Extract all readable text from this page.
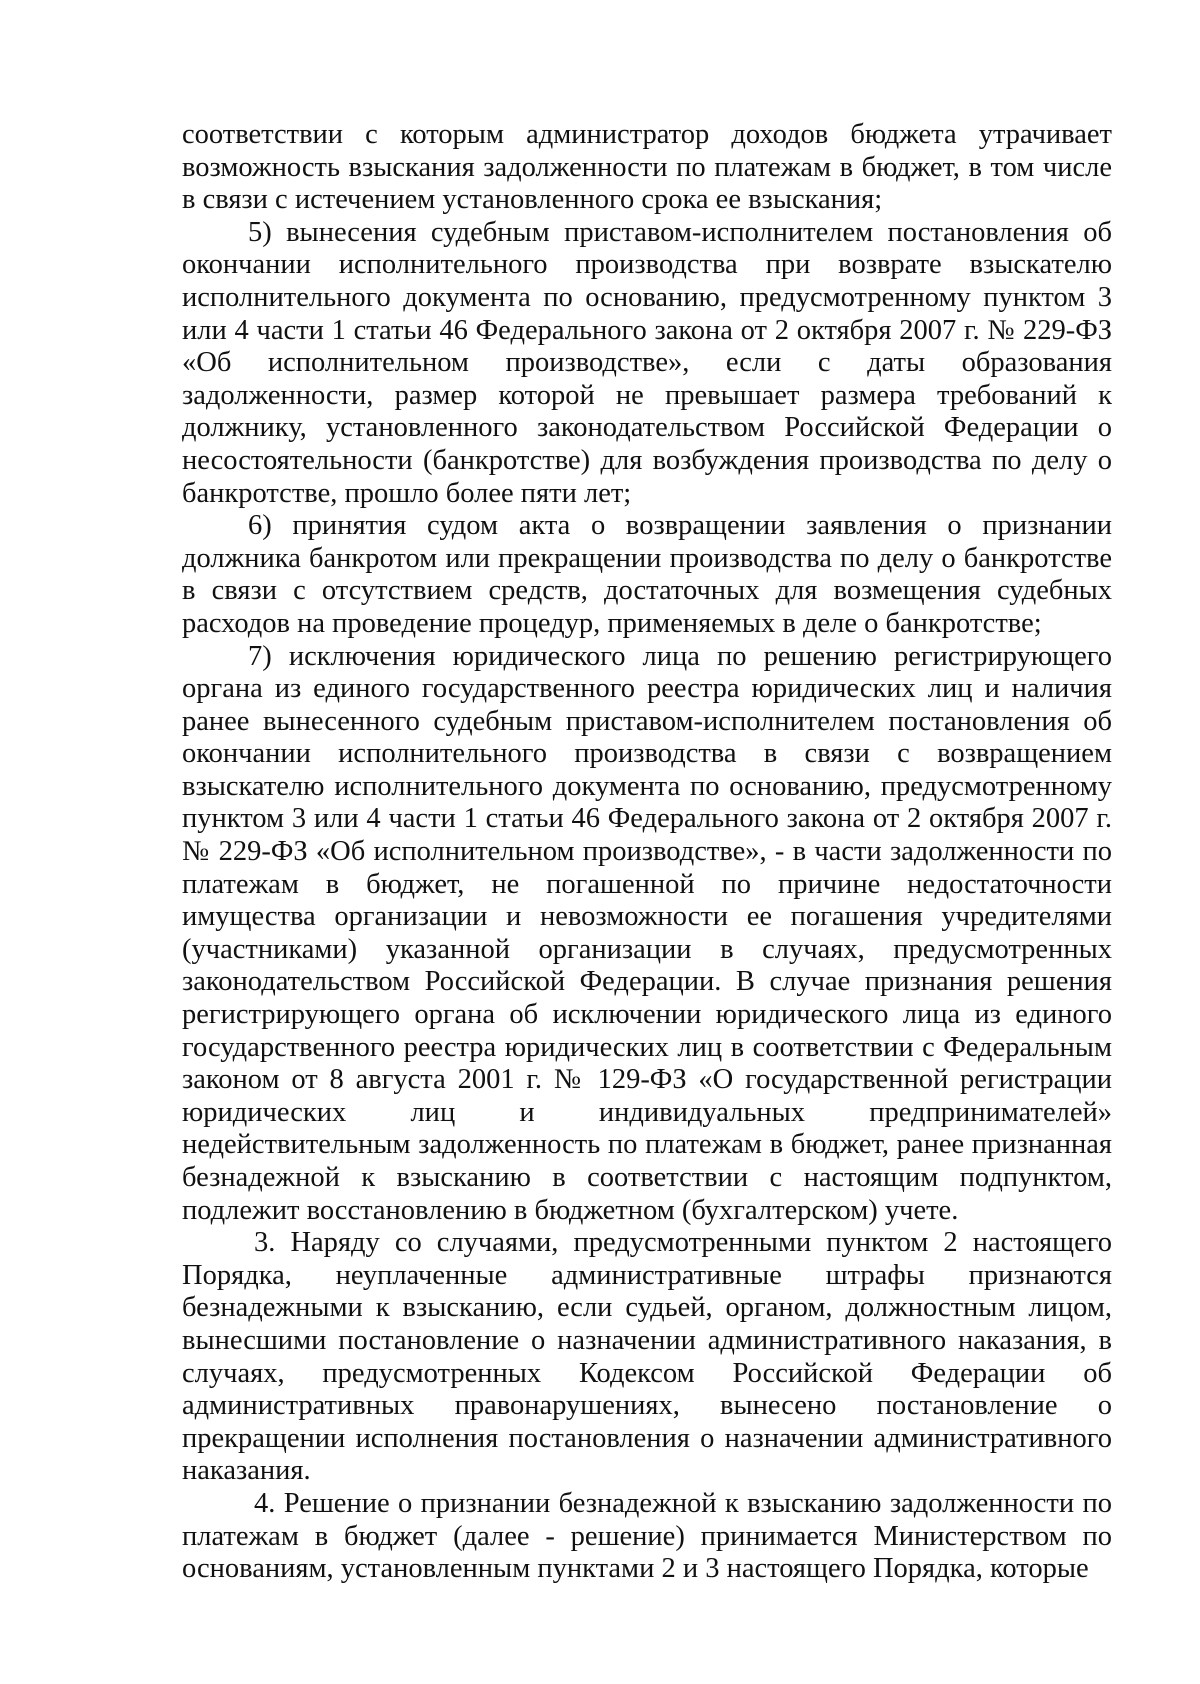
соответствии с которым администратор доходов бюджета утрачивает возможность взыскания задолженности по платежам в бюджет, в том числе в связи с истечением установленного срока ее взыскания;

5) вынесения судебным приставом-исполнителем постановления об окончании исполнительного производства при возврате взыскателю исполнительного документа по основанию, предусмотренному пунктом 3 или 4 части 1 статьи 46 Федерального закона от 2 октября 2007 г. № 229-ФЗ «Об исполнительном производстве», если с даты образования задолженности, размер которой не превышает размера требований к должнику, установленного законодательством Российской Федерации о несостоятельности (банкротстве) для возбуждения производства по делу о банкротстве, прошло более пяти лет;

6) принятия судом акта о возвращении заявления о признании должника банкротом или прекращении производства по делу о банкротстве в связи с отсутствием средств, достаточных для возмещения судебных расходов на проведение процедур, применяемых в деле о банкротстве;

7) исключения юридического лица по решению регистрирующего органа из единого государственного реестра юридических лиц и наличия ранее вынесенного судебным приставом-исполнителем постановления об окончании исполнительного производства в связи с возвращением взыскателю исполнительного документа по основанию, предусмотренному пунктом 3 или 4 части 1 статьи 46 Федерального закона от 2 октября 2007 г. № 229-ФЗ «Об исполнительном производстве», - в части задолженности по платежам в бюджет, не погашенной по причине недостаточности имущества организации и невозможности ее погашения учредителями (участниками) указанной организации в случаях, предусмотренных законодательством Российской Федерации. В случае признания решения регистрирующего органа об исключении юридического лица из единого государственного реестра юридических лиц в соответствии с Федеральным законом от 8 августа 2001 г. № 129-ФЗ «О государственной регистрации юридических лиц и индивидуальных предпринимателей» недействительным задолженность по платежам в бюджет, ранее признанная безнадежной к взысканию в соответствии с настоящим подпунктом, подлежит восстановлению в бюджетном (бухгалтерском) учете.

3. Наряду со случаями, предусмотренными пунктом 2 настоящего Порядка, неуплаченные административные штрафы признаются безнадежными к взысканию, если судьей, органом, должностным лицом, вынесшими постановление о назначении административного наказания, в случаях, предусмотренных Кодексом Российской Федерации об административных правонарушениях, вынесено постановление о прекращении исполнения постановления о назначении административного наказания.

4. Решение о признании безнадежной к взысканию задолженности по платежам в бюджет (далее - решение) принимается Министерством по основаниям, установленным пунктами 2 и 3 настоящего Порядка, которые
